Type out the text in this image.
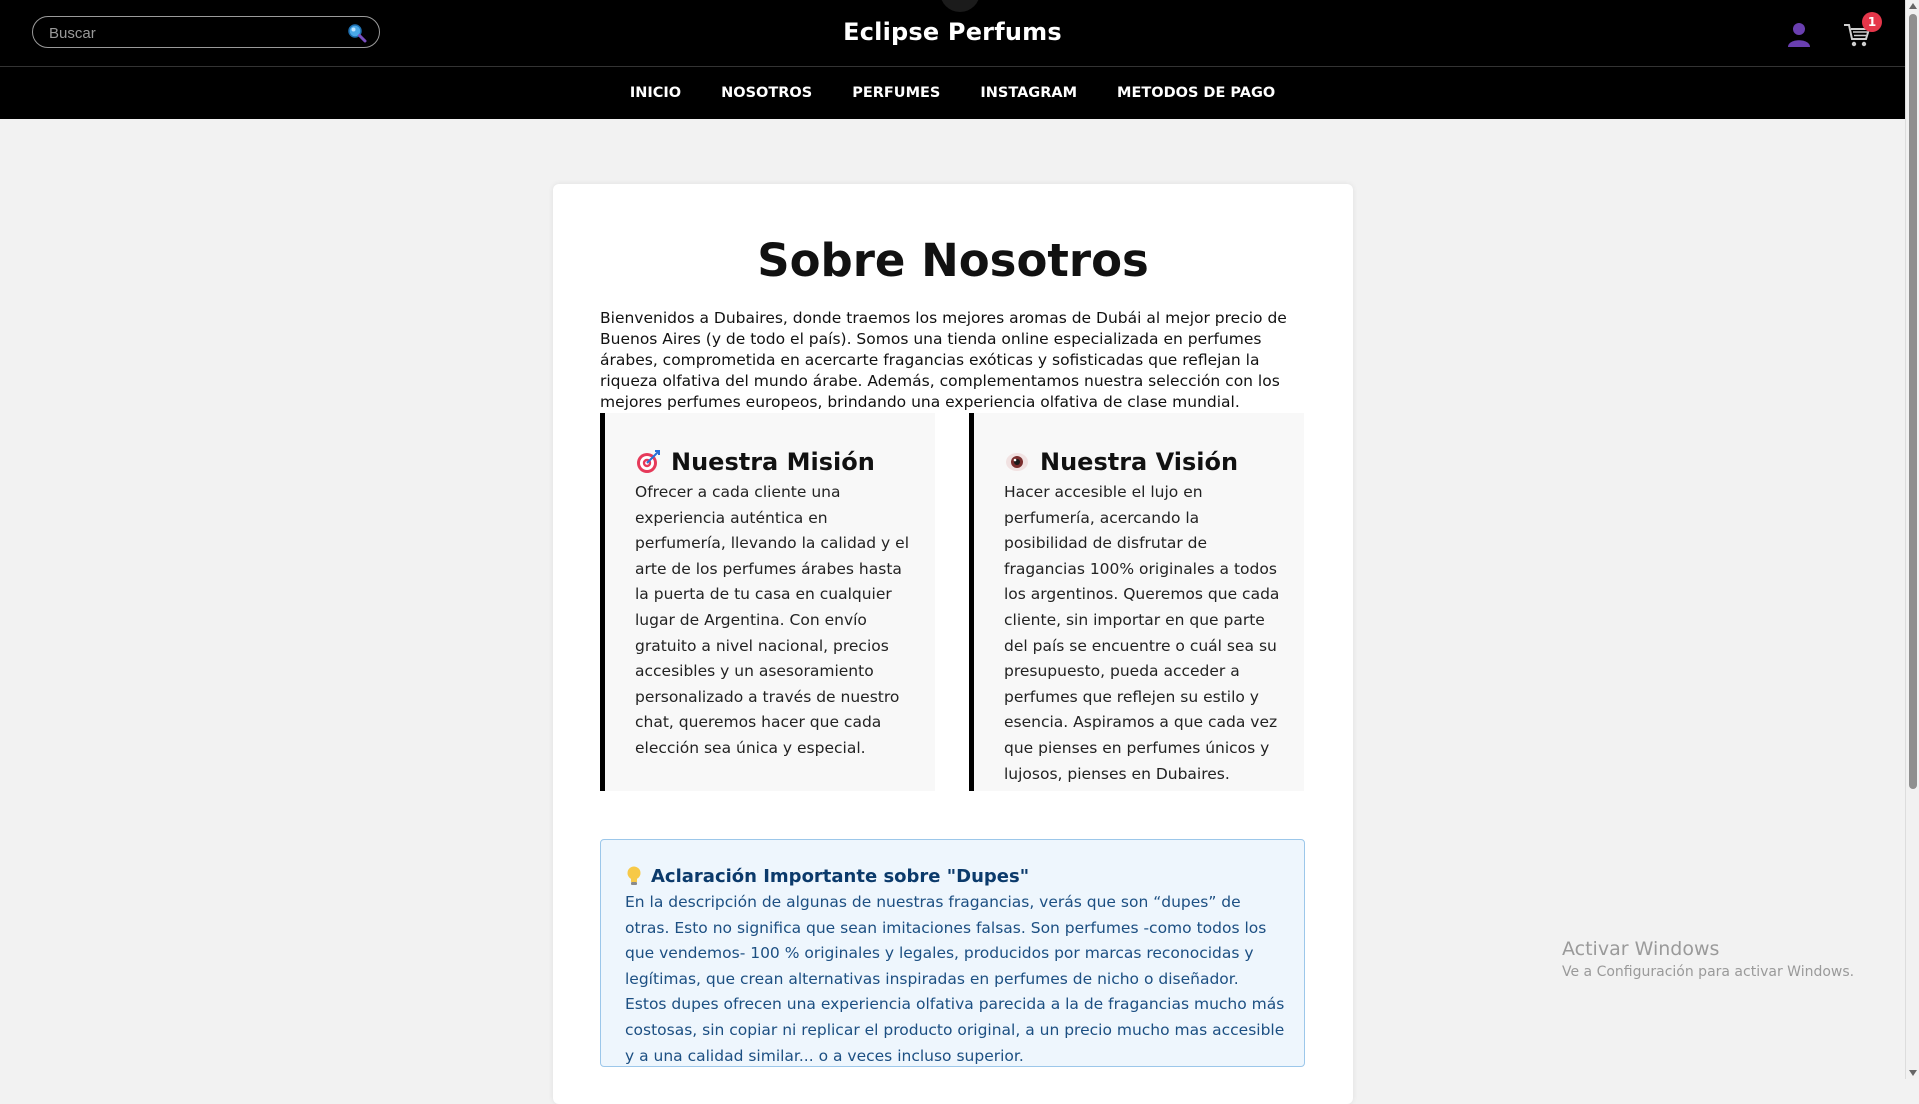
Buscar
Eclipse Perfums	1
INICIO	NOSOTROS	PERFUMES	INSTAGRAM	METODOS DE PAGO
Sobre Nosotros

Bienvenidos a Dubaires, donde traemos los mejores aromas de Dubái al mejor precio de Buenos Aires (y de todo el país). Somos una tienda online especializada en perfumes árabes, comprometida en acercarte fragancias exóticas y sofisticadas que reflejan la riqueza olfativa del mundo árabe. Además, complementamos nuestra selección con los mejores perfumes europeos, brindando una experiencia olfativa de clase mundial.

Nuestra Misión

Ofrecer a cada cliente una experiencia auténtica en perfumería, llevando la calidad y el arte de los perfumes árabes hasta la puerta de tu casa en cualquier lugar de Argentina. Con envío gratuito a nivel nacional, precios accesibles y un asesoramiento personalizado a través de nuestro chat, queremos hacer que cada elección sea única y especial.

Nuestra Visión

Hacer accesible el lujo en perfumería, acercando la posibilidad de disfrutar de fragancias 100% originales a todos los argentinos. Queremos que cada cliente, sin importar en que parte del país se encuentre o cuál sea su presupuesto, pueda acceder a perfumes que reflejen su estilo y esencia. Aspiramos a que cada vez que pienses en perfumes únicos y lujosos, pienses en Dubaires.

Aclaración Importante sobre "Dupes"

En la descripción de algunas de nuestras fragancias, verás que son “dupes” de otras. Esto no significa que sean imitaciones falsas. Son perfumes -como todos los que vendemos- 100 % originales y legales, producidos por marcas reconocidas y legítimas, que crean alternativas inspiradas en perfumes de nicho o diseñador. Estos dupes ofrecen una experiencia olfativa parecida a la de fragancias mucho más costosas, sin copiar ni replicar el producto original, a un precio mucho mas accesible y a una calidad similar... o a veces incluso superior.

Activar Windows
Ve a Configuración para activar Windows.
